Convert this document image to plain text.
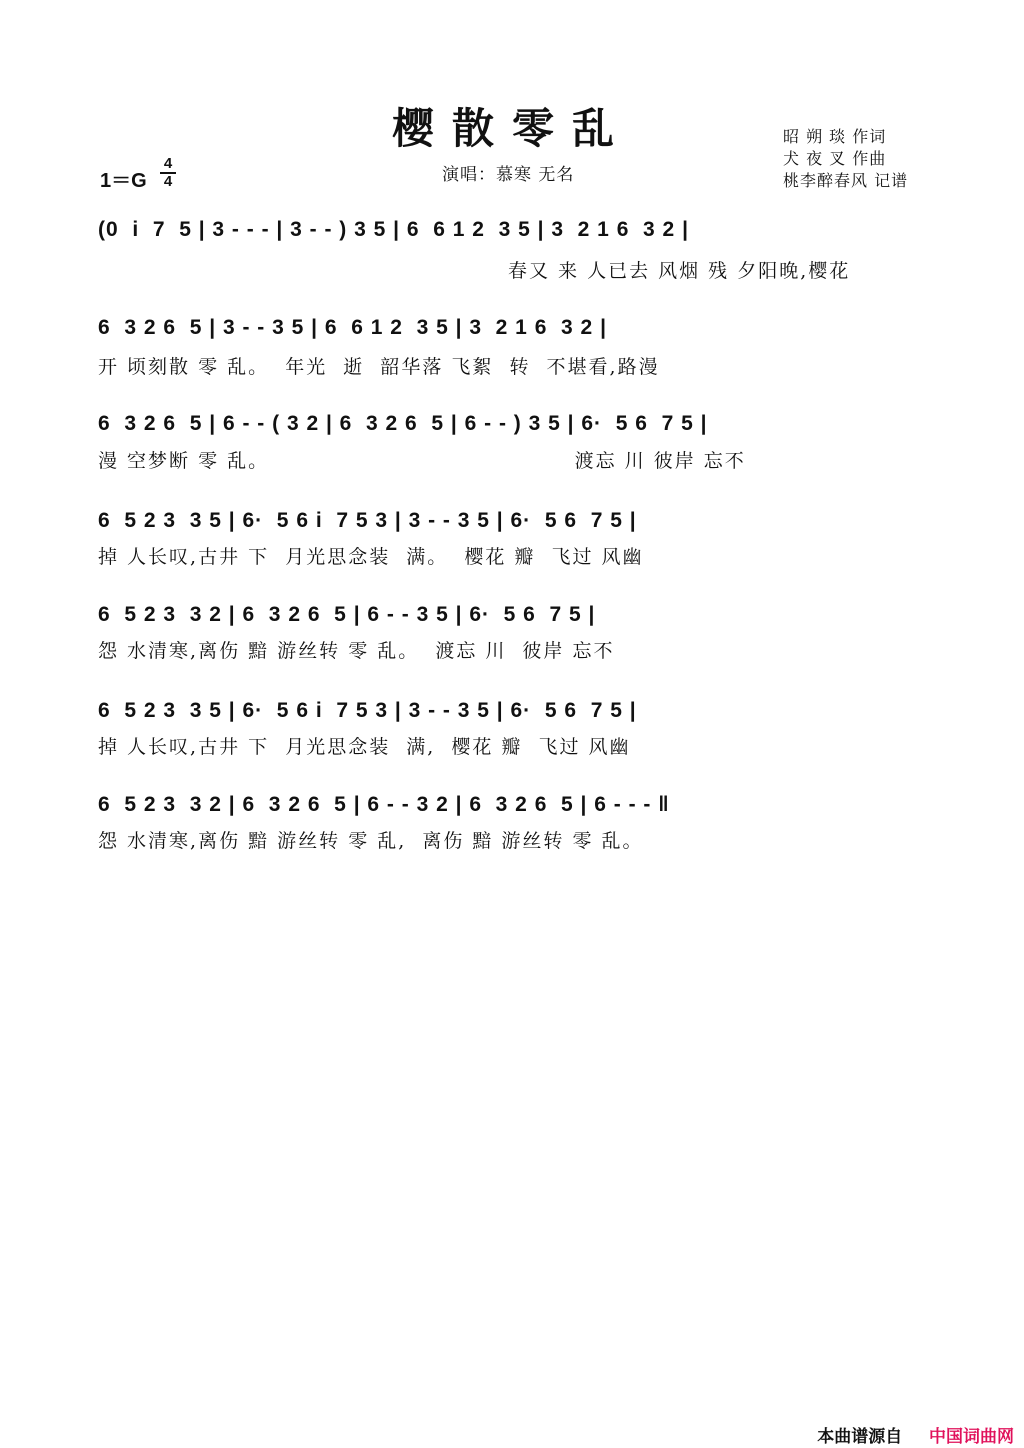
樱散零乱
演唱：慕寒 无名
昭 朔 琰 作词
犬 夜 叉 作曲
桃李醉春风 记谱
1＝G
4
4
(0  i  7  5 | 3 - - - | 3 - - ) 3 5 | 6  6 1 2  3 5 | 3  2 1 6  3 2 |
春又 来 人已去 风烟 残 夕阳晚,樱花
6  3 2 6  5 | 3 - - 3 5 | 6  6 1 2  3 5 | 3  2 1 6  3 2 |
开 顷刻散 零 乱。  年光  逝  韶华落 飞絮  转  不堪看,路漫
6  3 2 6  5 | 6 - - ( 3 2 | 6  3 2 6  5 | 6 - - ) 3 5 | 6·  5 6  7 5 |
漫 空梦断 零 乱。                                      渡忘 川 彼岸 忘不
6  5 2 3  3 5 | 6·  5 6 i  7 5 3 | 3 - - 3 5 | 6·  5 6  7 5 |
掉 人长叹,古井 下  月光思念装  满。  樱花 瓣  飞过 风幽
6  5 2 3  3 2 | 6  3 2 6  5 | 6 - - 3 5 | 6·  5 6  7 5 |
怨 水清寒,离伤 黯 游丝转 零 乱。  渡忘 川  彼岸 忘不
6  5 2 3  3 5 | 6·  5 6 i  7 5 3 | 3 - - 3 5 | 6·  5 6  7 5 |
掉 人长叹,古井 下  月光思念装  满,  樱花 瓣  飞过 风幽
6  5 2 3  3 2 | 6  3 2 6  5 | 6 - - 3 2 | 6  3 2 6  5 | 6 - - - ‖
怨 水清寒,离伤 黯 游丝转 零 乱,  离伤 黯 游丝转 零 乱。
本曲谱源自 中国词曲网
